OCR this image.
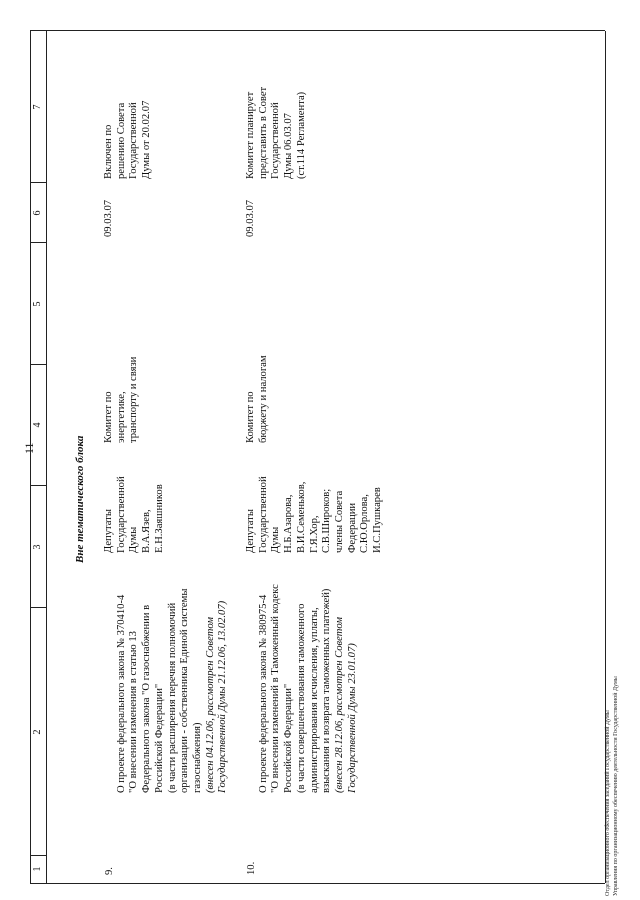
11
1
2
3
4
5
6
7
Вне тематического блока
9.

О проекте федерального закона № 370410-4
"О внесении изменения в статью 13
Федерального закона "О газоснабжении в
Российской Федерации"
(в части расширения перечня полномочий
организации - собственника Единой системы
газоснабжения) (внесен 04.12.06, рассмотрен Советом
Государственной Думы 21.12.06, 13.02.07)

Депутаты
Государственной
Думы
В.А.Язев,
Е.Н.Заяшников
Комитет по
энергетике,
транспорту и связи
09.03.07
Включен по
решению Совета
Государственной
Думы от 20.02.07
10.

О проекте федерального закона № 380975-4
"О внесении изменений в Таможенный кодекс
Российской Федерации"
(в части совершенствования таможенного
администрирования исчисления, уплаты,
взыскания и возврата таможенных платежей)
(внесен 28.12.06, рассмотрен Советом
Государственной Думы 23.01.07)

Депутаты
Государственной
Думы
Н.Б.Азарова,
В.И.Семеньков,
Г.Я.Хор,
С.В.Широков;
члены Совета
Федерации
С.Ю.Орлова,
И.С.Пушкарев
Комитет по
бюджету и налогам
09.03.07
Комитет планирует
представить в Совет
Государственной
Думы 06.03.07
(ст.114 Регламента)
Отдел организационного обеспечения заседаний Государственной Думы
Управления по организационному обеспечению деятельности Государственной Думы
